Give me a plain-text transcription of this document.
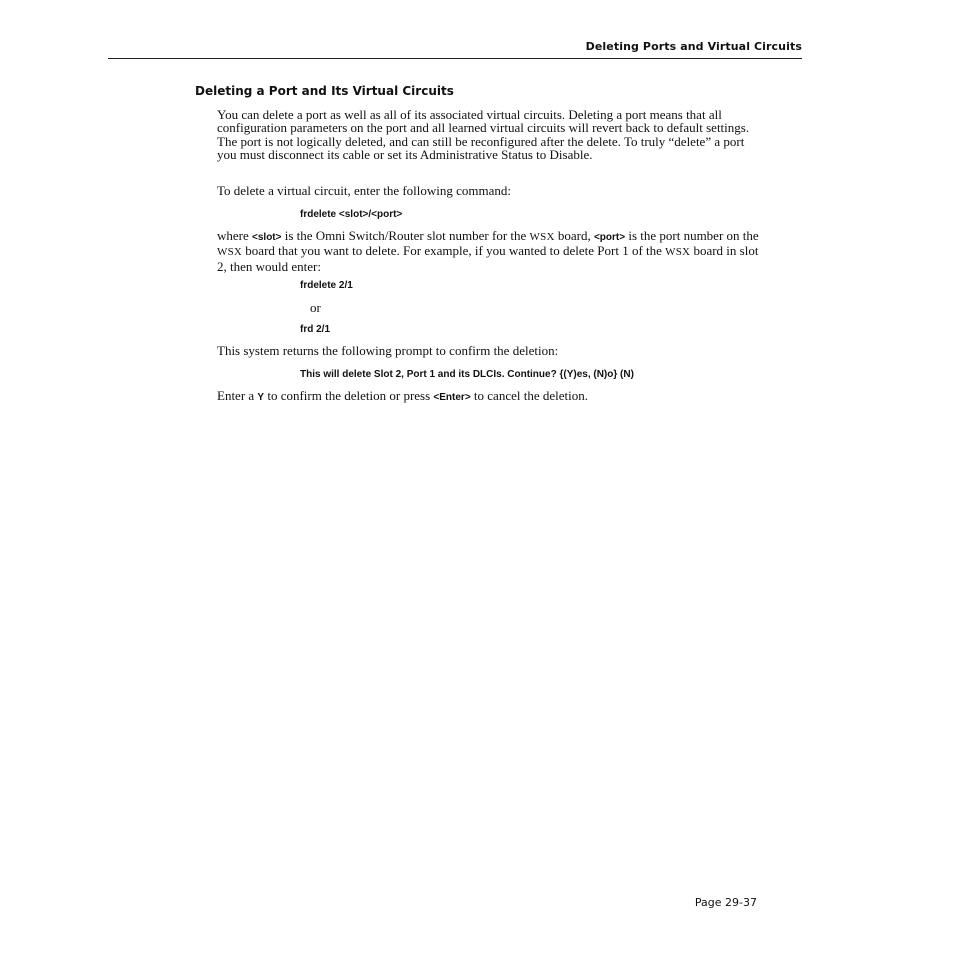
Deleting Ports and Virtual Circuits
Deleting a Port and Its Virtual Circuits
You can delete a port as well as all of its associated virtual circuits. Deleting a port means that all configuration parameters on the port and all learned virtual circuits will revert back to default settings. The port is not logically deleted, and can still be reconfigured after the delete. To truly “delete” a port you must disconnect its cable or set its Administrative Status to Disable.
To delete a virtual circuit, enter the following command:
frdelete <slot>/<port>
where <slot> is the Omni Switch/Router slot number for the WSX board, <port> is the port number on the WSX board that you want to delete. For example, if you wanted to delete Port 1 of the WSX board in slot 2, then would enter:
frdelete 2/1
or
frd 2/1
This system returns the following prompt to confirm the deletion:
This will delete Slot 2, Port 1 and its DLCIs. Continue? {(Y)es, (N)o} (N)
Enter a Y to confirm the deletion or press <Enter> to cancel the deletion.
Page 29-37
